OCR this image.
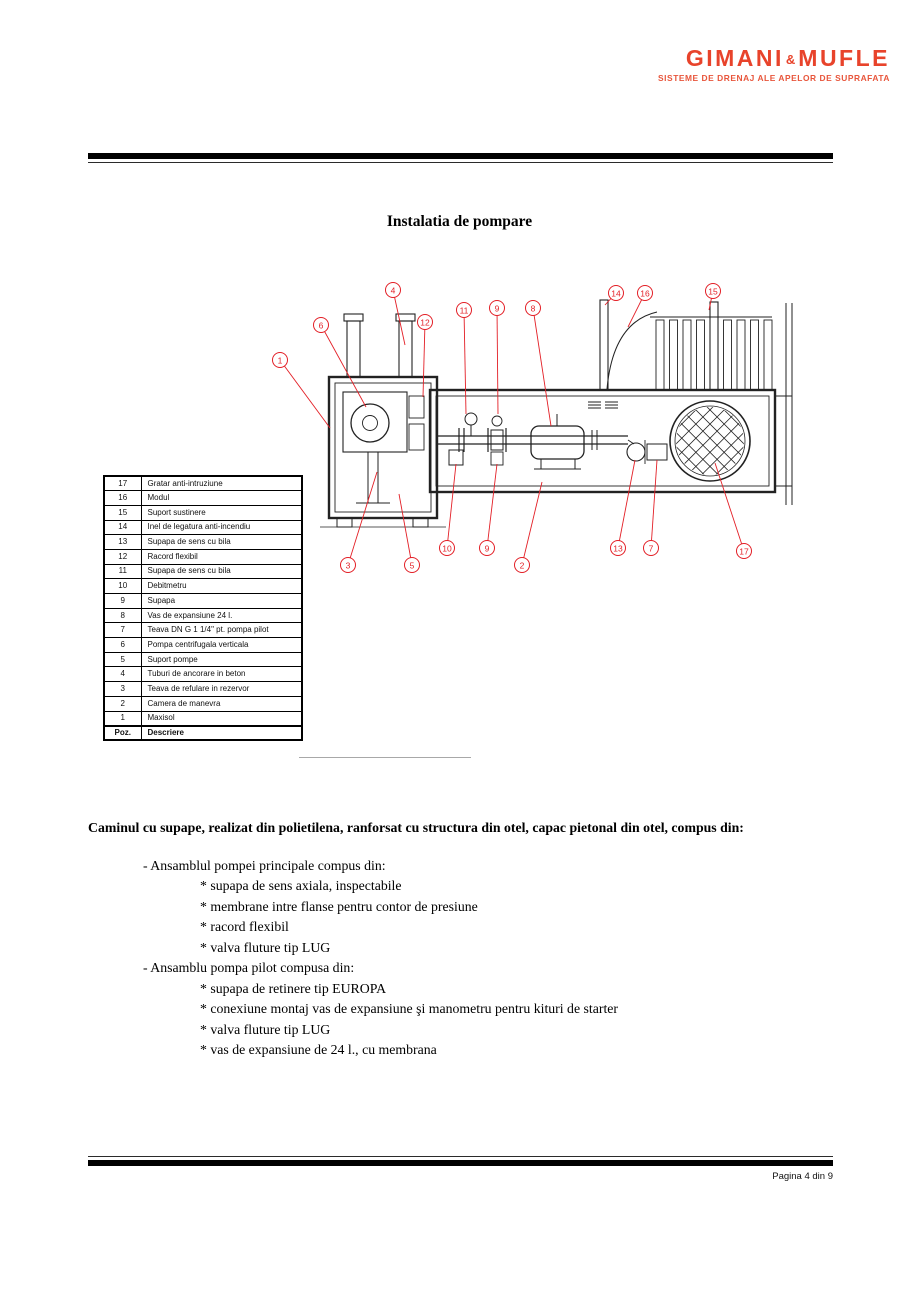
GIMANI &MUFLE
SISTEME DE DRENAJ ALE APELOR DE SUPRAFATA
Instalatia de pompare
1
6
4
12
11	9	8
14 16	15
3	5
10	9
2
13	7	17
17	Gratar anti-intruziune
16	Modul
15	Suport sustinere
14	Inel de legatura anti-incendiu
13	Supapa de sens cu bila
12	Racord flexibil
11	Supapa de sens cu bila
10	Debitmetru
9	Supapa
8	Vas de expansiune 24 l.
7	Teava DN G 1 1/4" pt. pompa pilot
6	Pompa centrifugala verticala
5	Suport pompe
4	Tuburi de ancorare in beton
3	Teava de refulare in rezervor
2	Camera de manevra
1	Maxisol
Poz.	Descriere

Caminul cu supape, realizat din polietilena, ranforsat cu structura din otel, capac pietonal din otel, compus din:

- Ansamblul pompei principale compus din:
* supapa de sens axiala, inspectabile
* membrane intre flanse pentru contor de presiune
* racord flexibil
* valva fluture tip LUG
- Ansamblu pompa pilot compusa din:
* supapa de retinere tip EUROPA
* conexiune montaj vas de expansiune şi manometru pentru kituri de starter
* valva fluture tip LUG
* vas de expansiune de 24 l., cu membrana
Pagina 4 din 9
